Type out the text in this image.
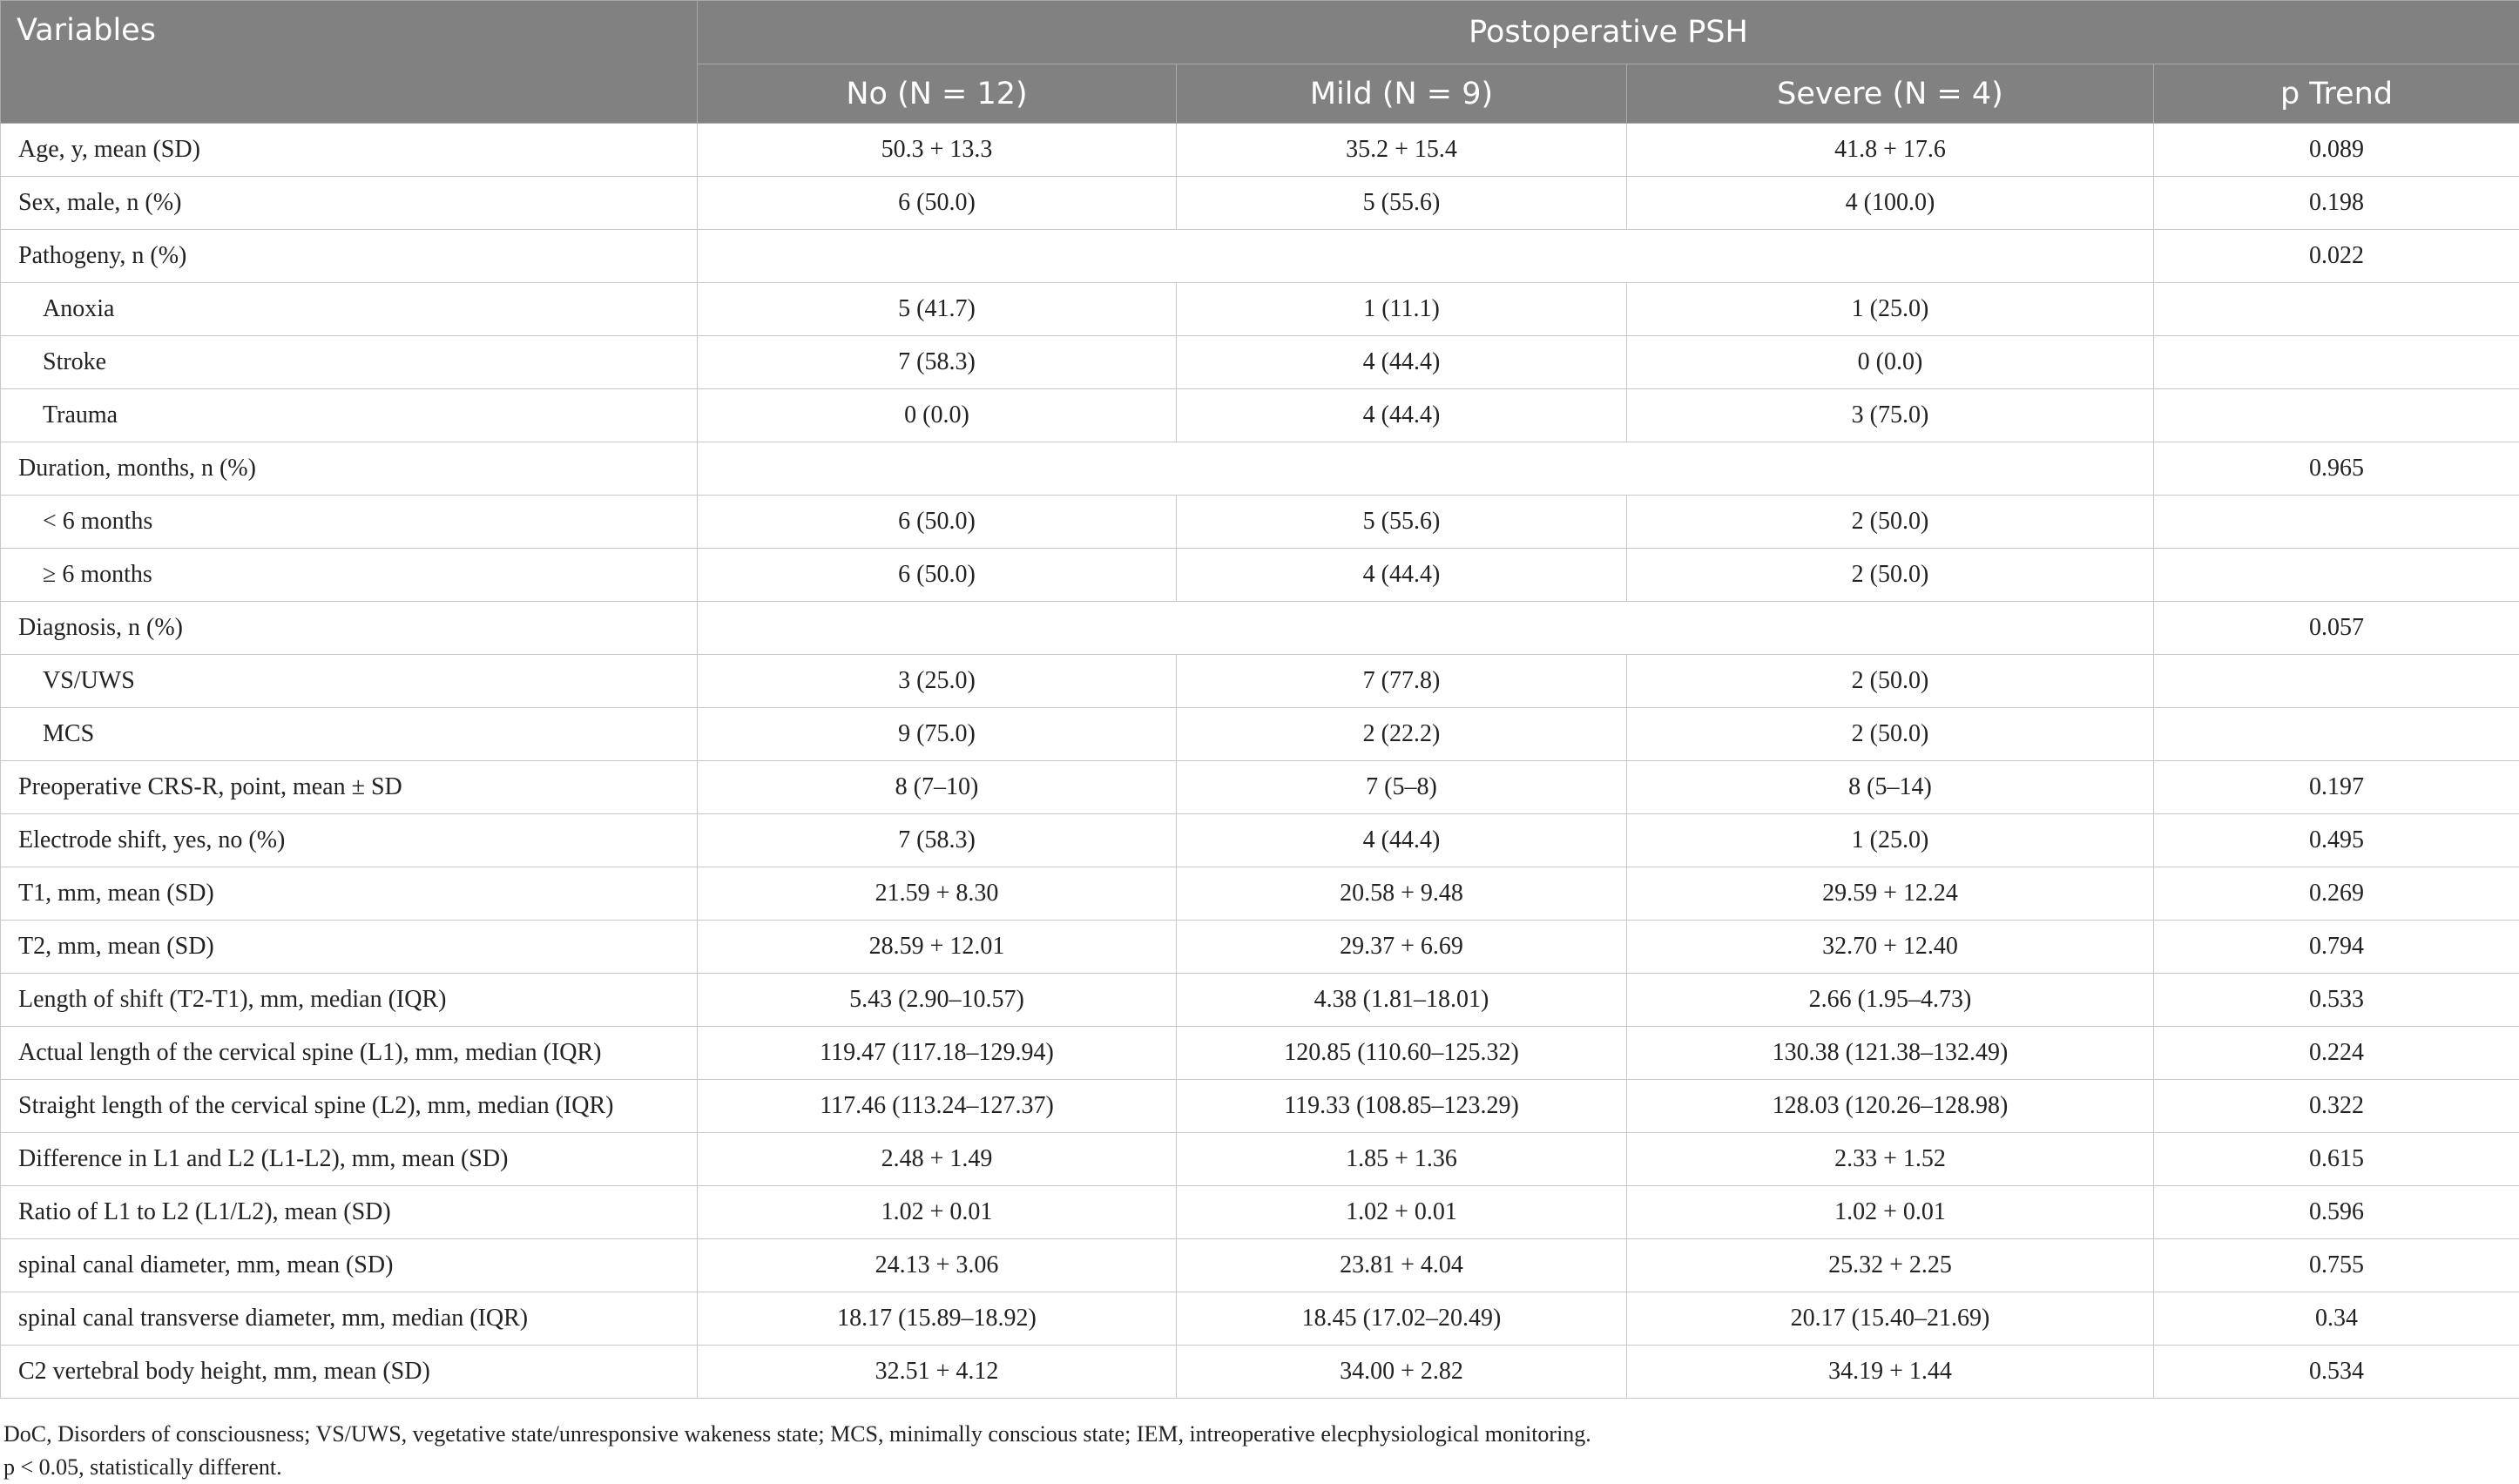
Variables	Postoperative PSH			
	No (N = 12)	Mild (N = 9)	Severe (N = 4)	p Trend
Age, y, mean (SD)	50.3 + 13.3	35.2 + 15.4	41.8 + 17.6	0.089
Sex, male, n (%)	6 (50.0)	5 (55.6)	4 (100.0)	0.198
Pathogeny, n (%)				0.022
Anoxia	5 (41.7)	1 (11.1)	1 (25.0)	
Stroke	7 (58.3)	4 (44.4)	0 (0.0)	
Trauma	0 (0.0)	4 (44.4)	3 (75.0)	
Duration, months, n (%)				0.965
< 6 months	6 (50.0)	5 (55.6)	2 (50.0)	
≥ 6 months	6 (50.0)	4 (44.4)	2 (50.0)	
Diagnosis, n (%)				0.057
VS/UWS	3 (25.0)	7 (77.8)	2 (50.0)	
MCS	9 (75.0)	2 (22.2)	2 (50.0)	
Preoperative CRS-R, point, mean ± SD	8 (7–10)	7 (5–8)	8 (5–14)	0.197
Electrode shift, yes, no (%)	7 (58.3)	4 (44.4)	1 (25.0)	0.495
T1, mm, mean (SD)	21.59 + 8.30	20.58 + 9.48	29.59 + 12.24	0.269
T2, mm, mean (SD)	28.59 + 12.01	29.37 + 6.69	32.70 + 12.40	0.794
Length of shift (T2-T1), mm, median (IQR)	5.43 (2.90–10.57)	4.38 (1.81–18.01)	2.66 (1.95–4.73)	0.533
Actual length of the cervical spine (L1), mm, median (IQR)	119.47 (117.18–129.94)	120.85 (110.60–125.32)	130.38 (121.38–132.49)	0.224
Straight length of the cervical spine (L2), mm, median (IQR)	117.46 (113.24–127.37)	119.33 (108.85–123.29)	128.03 (120.26–128.98)	0.322
Difference in L1 and L2 (L1-L2), mm, mean (SD)	2.48 + 1.49	1.85 + 1.36	2.33 + 1.52	0.615
Ratio of L1 to L2 (L1/L2), mean (SD)	1.02 + 0.01	1.02 + 0.01	1.02 + 0.01	0.596
spinal canal diameter, mm, mean (SD)	24.13 + 3.06	23.81 + 4.04	25.32 + 2.25	0.755
spinal canal transverse diameter, mm, median (IQR)	18.17 (15.89–18.92)	18.45 (17.02–20.49)	20.17 (15.40–21.69)	0.34
C2 vertebral body height, mm, mean (SD)	32.51 + 4.12	34.00 + 2.82	34.19 + 1.44	0.534
DoC, Disorders of consciousness; VS/UWS, vegetative state/unresponsive wakeness state; MCS, minimally conscious state; IEM, intreoperative elecphysiological monitoring.
p < 0.05, statistically different.
